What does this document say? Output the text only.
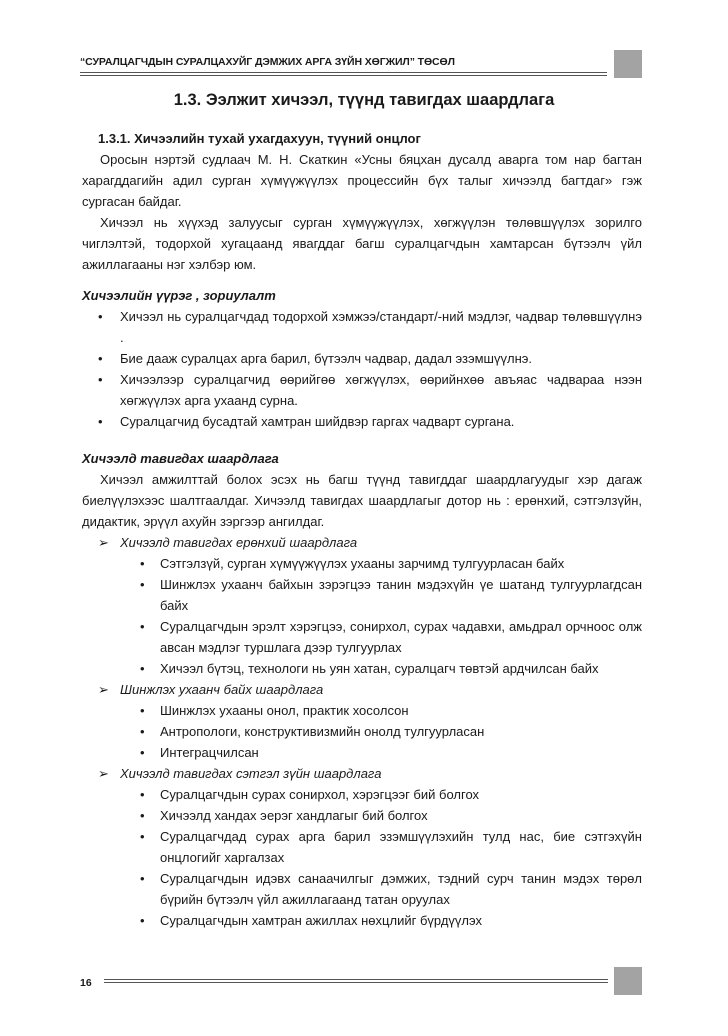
“СУРАЛЦАГЧДЫН СУРАЛЦАХУЙГ ДЭМЖИХ АРГА ЗҮЙН ХӨГЖИЛ” ТӨСӨЛ
1.3. Ээлжит хичээл, түүнд тавигдах шаардлага

1.3.1. Хичээлийн тухай ухагдахуун, түүний онцлог

Оросын нэртэй судлаач М. Н. Скаткин «Усны бяцхан дусалд аварга том нар багтан харагддагийн адил сурган хүмүүжүүлэх процессийн бүх талыг хичээлд багтдаг» гэж сургасан байдаг.

Хичээл нь хүүхэд залуусыг сурган хүмүүжүүлэх, хөгжүүлэн төлөвшүүлэх зорилго чиглэлтэй, тодорхой хугацаанд явагддаг багш суралцагчдын хамтарсан бүтээлч үйл ажиллагааны нэг хэлбэр юм.

Хичээлийн үүрэг , зориулалт

• Хичээл нь суралцагчдад тодорхой хэмжээ/стандарт/-ний мэдлэг, чадвар төлөвшүүлнэ .
• Бие дааж суралцах арга барил, бүтээлч чадвар, дадал эзэмшүүлнэ.
• Хичээлээр суралцагчид өөрийгөө хөгжүүлэх, өөрийнхөө авъяас чадвараа нээн хөгжүүлэх арга ухаанд сурна.
• Суралцагчид бусадтай хамтран шийдвэр гаргах чадварт сургана.

Хичээлд тавигдах шаардлага

Хичээл амжилттай болох эсэх нь багш түүнд тавигддаг шаардлагуудыг хэр дагаж биелүүлэхээс шалтгаалдаг. Хичээлд тавигдах шаардлагыг дотор нь : ерөнхий, сэтгэлзүйн, дидактик, эрүүл ахуйн зэргээр ангилдаг.

➢ Хичээлд тавигдах ерөнхий шаардлага
• Сэтгэлзүй, сурган хүмүүжүүлэх ухааны зарчимд тулгуурласан байх
• Шинжлэх ухаанч байхын зэрэгцээ танин мэдэхүйн үе шатанд тулгуурлагдсан байх
• Суралцагчдын эрэлт хэрэгцээ, сонирхол, сурах чадавхи, амьдрал орчноос олж авсан мэдлэг туршлага дээр тулгуурлах
• Хичээл бүтэц, технологи нь уян хатан, суралцагч төвтэй ардчилсан байх
➢ Шинжлэх ухаанч байх шаардлага
• Шинжлэх ухааны онол, практик хосолсон
• Антропологи, конструктивизмийн онолд тулгуурласан
• Интеграцчилсан
➢ Хичээлд тавигдах сэтгэл зүйн шаардлага
• Суралцагчдын сурах сонирхол, хэрэгцээг бий болгох
• Хичээлд хандах эерэг хандлагыг бий болгох
• Суралцагчдад сурах арга барил эзэмшүүлэхийн тулд нас, бие сэтгэхүйн онцлогийг харгалзах
• Суралцагчдын идэвх санаачилгыг дэмжих, тэдний сурч танин мэдэх төрөл бүрийн бүтээлч үйл ажиллагаанд татан оруулах
• Суралцагчдын хамтран ажиллах нөхцлийг бүрдүүлэх
16
